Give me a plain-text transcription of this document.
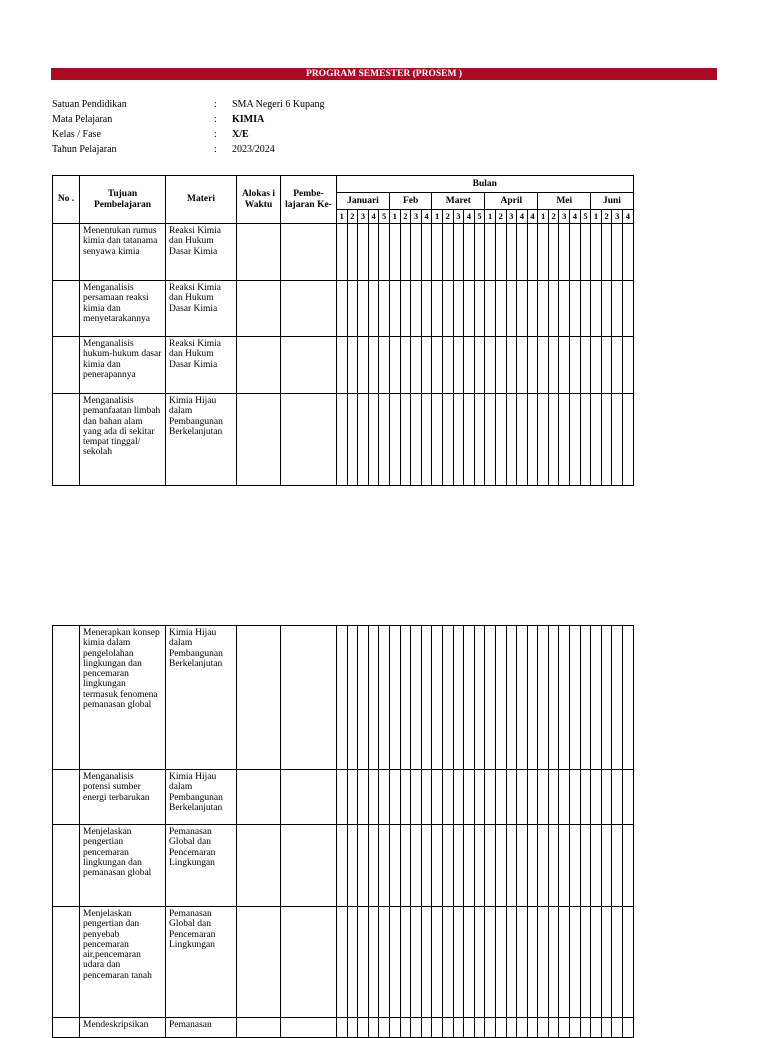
PROGRAM SEMESTER (PROSEM )
Satuan Pendidikan	: SMA Negeri 6 Kupang
Mata Pelajaran	: KIMIA
Kelas / Fase	: X/E
Tahun Pelajaran	: 2023/2024
No .	Tujuan Pembelajaran	Materi	Alokas i Waktu	Pembe-lajaran Ke-	Bulan																											
					Januari					Feb				Maret					April					Mei					Juni			
					1	2	3	4	5	1	2	3	4	1	2	3	4	5	1	2	3	4	4	1	2	3	4	5	1	2	3	4
	Menentukan rumus kimia dan tatanama senyawa kimia	Reaksi Kimia dan Hukum Dasar Kimia																														
	Menganalisis persamaan reaksi kimia dan menyetarakannya	Reaksi Kimia dan Hukum Dasar Kimia																														
	Menganalisis hukum-hukum dasar kimia dan penerapannya	Reaksi Kimia dan Hukum Dasar Kimia																														
	Menganalisis pemanfaatan limbah dan bahan alam yang ada di sekitar tempat tinggal/ sekolah	Kimia Hijau dalam Pembangunan Berkelanjutan																														
	Menerapkan konsep kimia dalam pengelolahan lingkungan dan pencemaran lingkungan termasuk fenomena pemanasan global	Kimia Hijau dalam Pembangunan Berkelanjutan																														
	Menganalisis potensi sumber energi terbarukan	Kimia Hijau dalam Pembangunan Berkelanjutan																														
	Menjelaskan pengertian pencemaran lingkungan dan pemanasan global	Pemanasan Global dan Pencemaran Lingkungan																														
	Menjelaskan pengertian dan penyebab pencemaran air,pencemaran udara dan pencemaran tanah	Pemanasan Global dan Pencemaran Lingkungan																														
	Mendeskripsikan	Pemanasan																														
